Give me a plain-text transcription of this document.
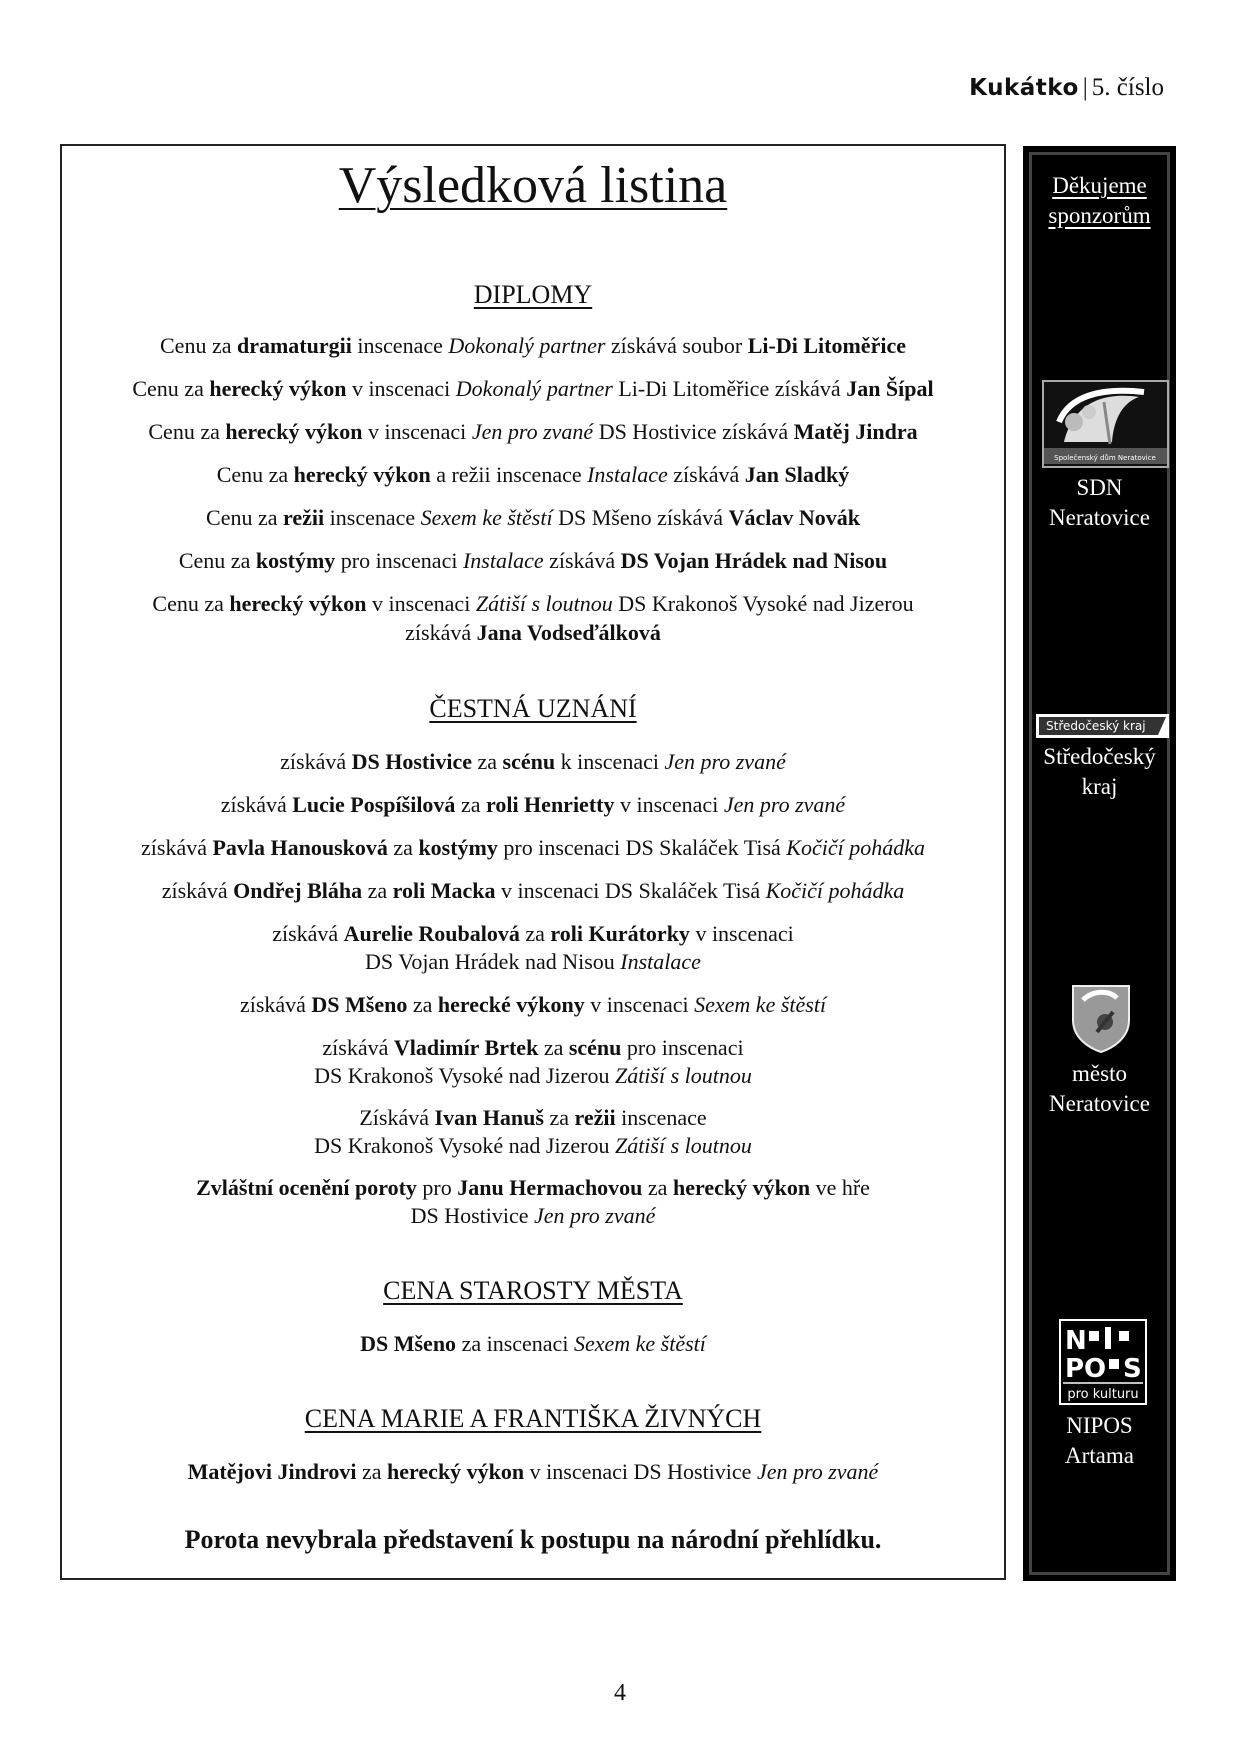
Kukátko | 5. číslo
Výsledková listina
DIPLOMY

Cenu za dramaturgii inscenace Dokonalý partner získává soubor Li-Di Litoměřice

Cenu za herecký výkon v inscenaci Dokonalý partner Li-Di Litoměřice získává Jan Šípal

Cenu za herecký výkon v inscenaci Jen pro zvané DS Hostivice získává Matěj Jindra

Cenu za herecký výkon a režii inscenace Instalace získává Jan Sladký

Cenu za režii inscenace Sexem ke štěstí DS Mšeno získává Václav Novák

Cenu za kostýmy pro inscenaci Instalace získává DS Vojan Hrádek nad Nisou

Cenu za herecký výkon v inscenaci Zátiší s loutnou DS Krakonoš Vysoké nad Jizerou

získává Jana Vodseďálková

ČESTNÁ UZNÁNÍ

získává DS Hostivice za scénu k inscenaci Jen pro zvané

získává Lucie Pospíšilová za roli Henrietty v inscenaci Jen pro zvané

získává Pavla Hanousková za kostýmy pro inscenaci DS Skaláček Tisá Kočičí pohádka

získává Ondřej Bláha za roli Macka v inscenaci DS Skaláček Tisá Kočičí pohádka

získává Aurelie Roubalová za roli Kurátorky v inscenaci

DS Vojan Hrádek nad Nisou Instalace

získává DS Mšeno za herecké výkony v inscenaci Sexem ke štěstí

získává Vladimír Brtek za scénu pro inscenaci

DS Krakonoš Vysoké nad Jizerou Zátiší s loutnou

Získává Ivan Hanuš za režii inscenace

DS Krakonoš Vysoké nad Jizerou Zátiší s loutnou

Zvláštní ocenění poroty pro Janu Hermachovou za herecký výkon ve hře

DS Hostivice Jen pro zvané

CENA STAROSTY MĚSTA

DS Mšeno za inscenaci Sexem ke štěstí

CENA MARIE A FRANTIŠKA ŽIVNÝCH

Matějovi Jindrovi za herecký výkon v inscenaci DS Hostivice Jen pro zvané

Porota nevybrala představení k postupu na národní přehlídku.

Děkujeme
sponzorům

Společenský dům Neratovice

SDN
Neratovice

Středočeský kraj

Středočeský
kraj

město
Neratovice

N
PO S
pro kulturu

NIPOS
Artama

4
